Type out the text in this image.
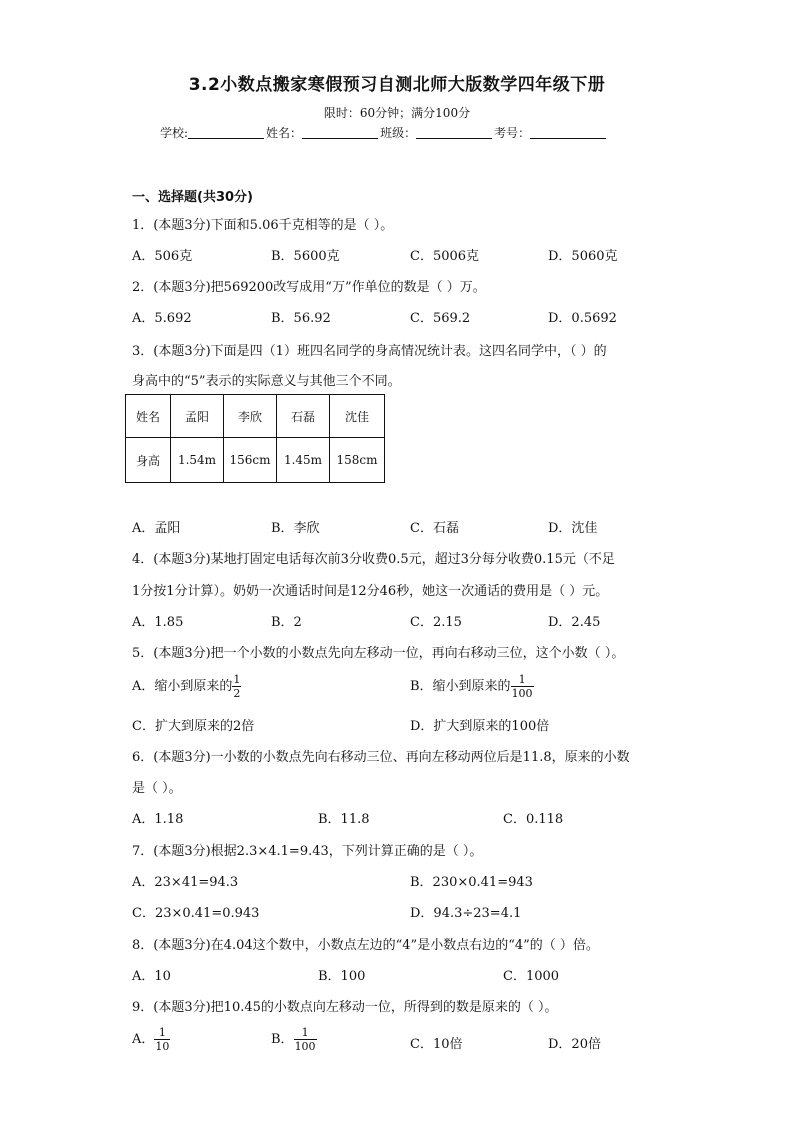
3.2小数点搬家寒假预习自测北师大版数学四年级下册
限时：60分钟；满分100分
学校:	姓名：	班级：	考号：
一、选择题(共30分)
1．(本题3分)下面和5.06千克相等的是（ ）。
A．506克	B．5600克	C．5006克	D．5060克
2．(本题3分)把569200改写成用“万”作单位的数是（ ）万。
A．5.692	B．56.92	C．569.2	D．0.5692
3．(本题3分)下面是四（1）班四名同学的身高情况统计表。这四名同学中，（ ）的
身高中的“5”表示的实际意义与其他三个不同。
姓名	孟阳	李欣	石磊	沈佳
身高	1.54m	156cm	1.45m	158cm
A．孟阳	B．李欣	C．石磊	D．沈佳
4．(本题3分)某地打固定电话每次前3分收费0.5元，超过3分每分收费0.15元（不足
1分按1分计算）。奶奶一次通话时间是12分46秒，她这一次通话的费用是（ ）元。
A．1.85	B．2	C．2.15	D．2.45
5．(本题3分)把一个小数的小数点先向左移动一位，再向右移动三位，这个小数（ ）。
A．缩小到原来的 $\frac{1}{2}$	B．缩小到原来的 $\frac{1}{100}$
C．扩大到原来的2倍	D．扩大到原来的100倍
6．(本题3分)一小数的小数点先向右移动三位、再向左移动两位后是11.8，原来的小数
是（ ）。
A．1.18	B．11.8	C．0.118
7．(本题3分)根据2.3×4.1=9.43，下列计算正确的是（ ）。
A．23×41=94.3	B．230×0.41=943
C．23×0.41=0.943	D．94.3÷23=4.1
8．(本题3分)在4.04这个数中，小数点左边的“4”是小数点右边的“4”的（ ）倍。
A．10	B．100	C．1000
9．(本题3分)把10.45的小数点向左移动一位，所得到的数是原来的（ ）。
A． $\frac{1}{10}$	B． $\frac{1}{100}$	C．10倍	D．20倍
